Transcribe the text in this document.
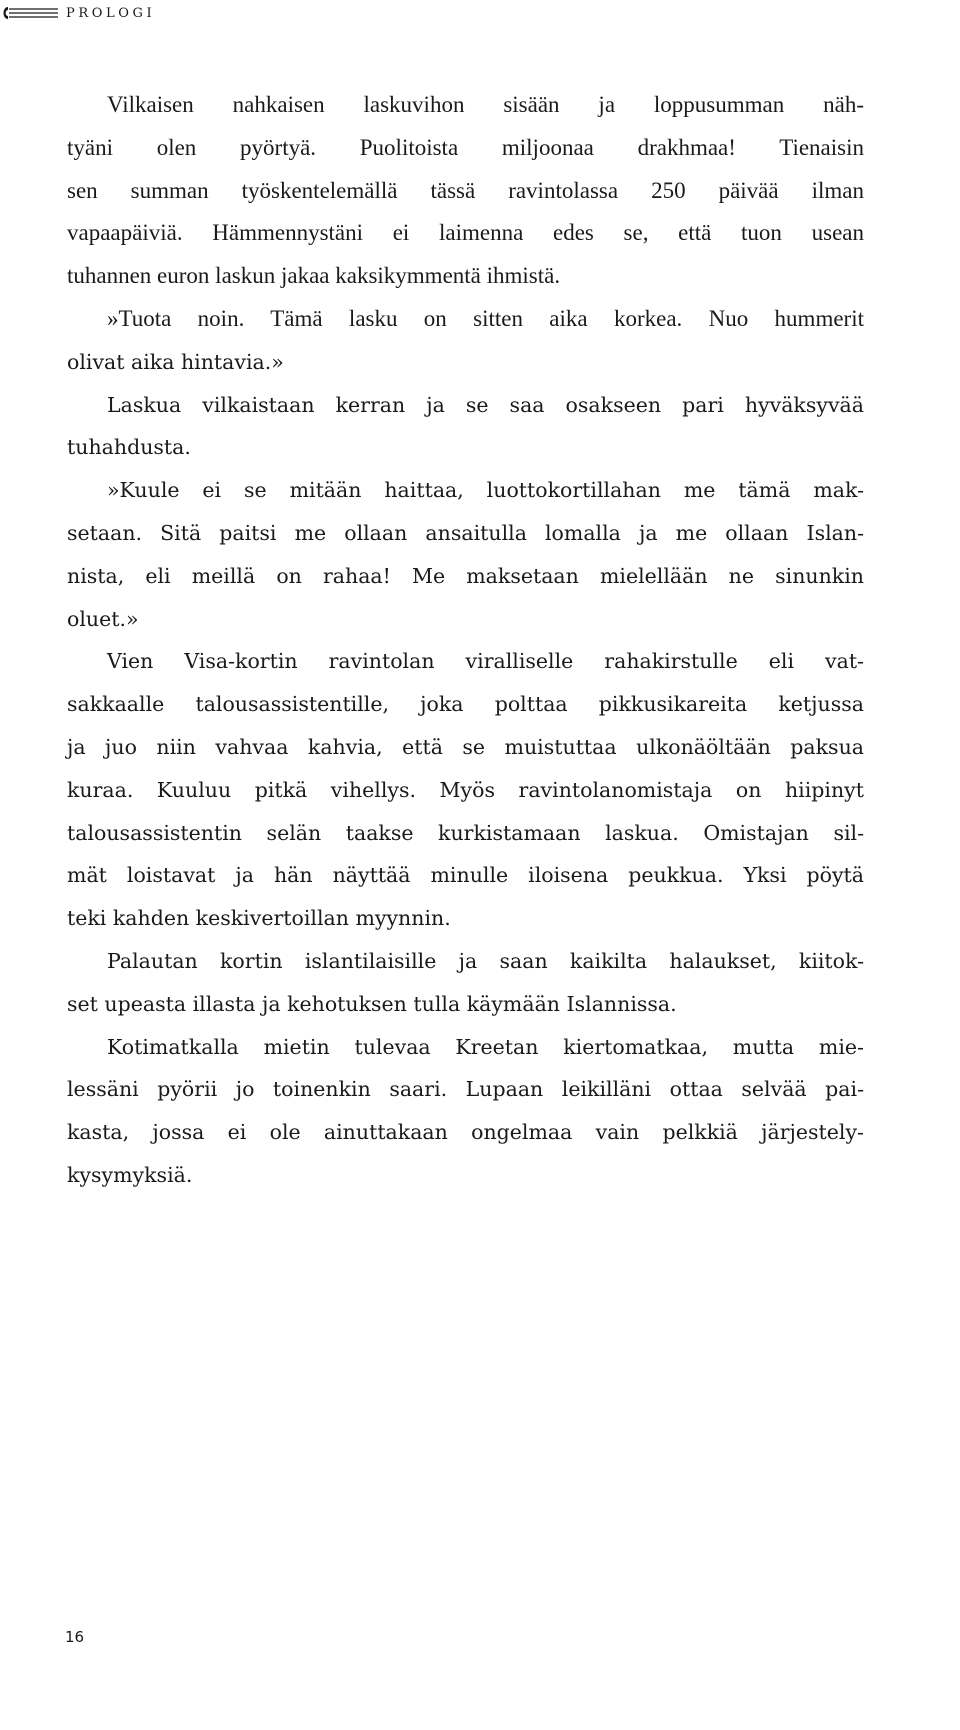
PROLOGI
Vilkaisen nahkaisen laskuvihon sisään ja loppusumman näh-
tyäni olen pyörtyä. Puolitoista miljoonaa drakhmaa! Tienaisin
sen summan työskentelemällä tässä ravintolassa 250 päivää ilman
vapaapäiviä. Hämmennystäni ei laimenna edes se, että tuon usean
tuhannen euron laskun jakaa kaksikymmentä ihmistä.
»Tuota noin. Tämä lasku on sitten aika korkea. Nuo hummerit
olivat aika hintavia.»
Laskua vilkaistaan kerran ja se saa osakseen pari hyväksyvää
tuhahdusta.
»Kuule ei se mitään haittaa, luottokortillahan me tämä mak-
setaan. Sitä paitsi me ollaan ansaitulla lomalla ja me ollaan Islan-
nista, eli meillä on rahaa! Me maksetaan mielellään ne sinunkin
oluet.»
Vien Visa-kortin ravintolan viralliselle rahakirstulle eli vat-
sakkaalle talousassistentille, joka polttaa pikkusikareita ketjussa
ja juo niin vahvaa kahvia, että se muistuttaa ulkonäöltään paksua
kuraa. Kuuluu pitkä vihellys. Myös ravintolanomistaja on hiipinyt
talousassistentin selän taakse kurkistamaan laskua. Omistajan sil-
mät loistavat ja hän näyttää minulle iloisena peukkua. Yksi pöytä
teki kahden keskivertoillan myynnin.
Palautan kortin islantilaisille ja saan kaikilta halaukset, kiitok-
set upeasta illasta ja kehotuksen tulla käymään Islannissa.
Kotimatkalla mietin tulevaa Kreetan kiertomatkaa, mutta mie-
lessäni pyörii jo toinenkin saari. Lupaan leikilläni ottaa selvää pai-
kasta, jossa ei ole ainuttakaan ongelmaa vain pelkkiä järjestely-
kysymyksiä.
16
